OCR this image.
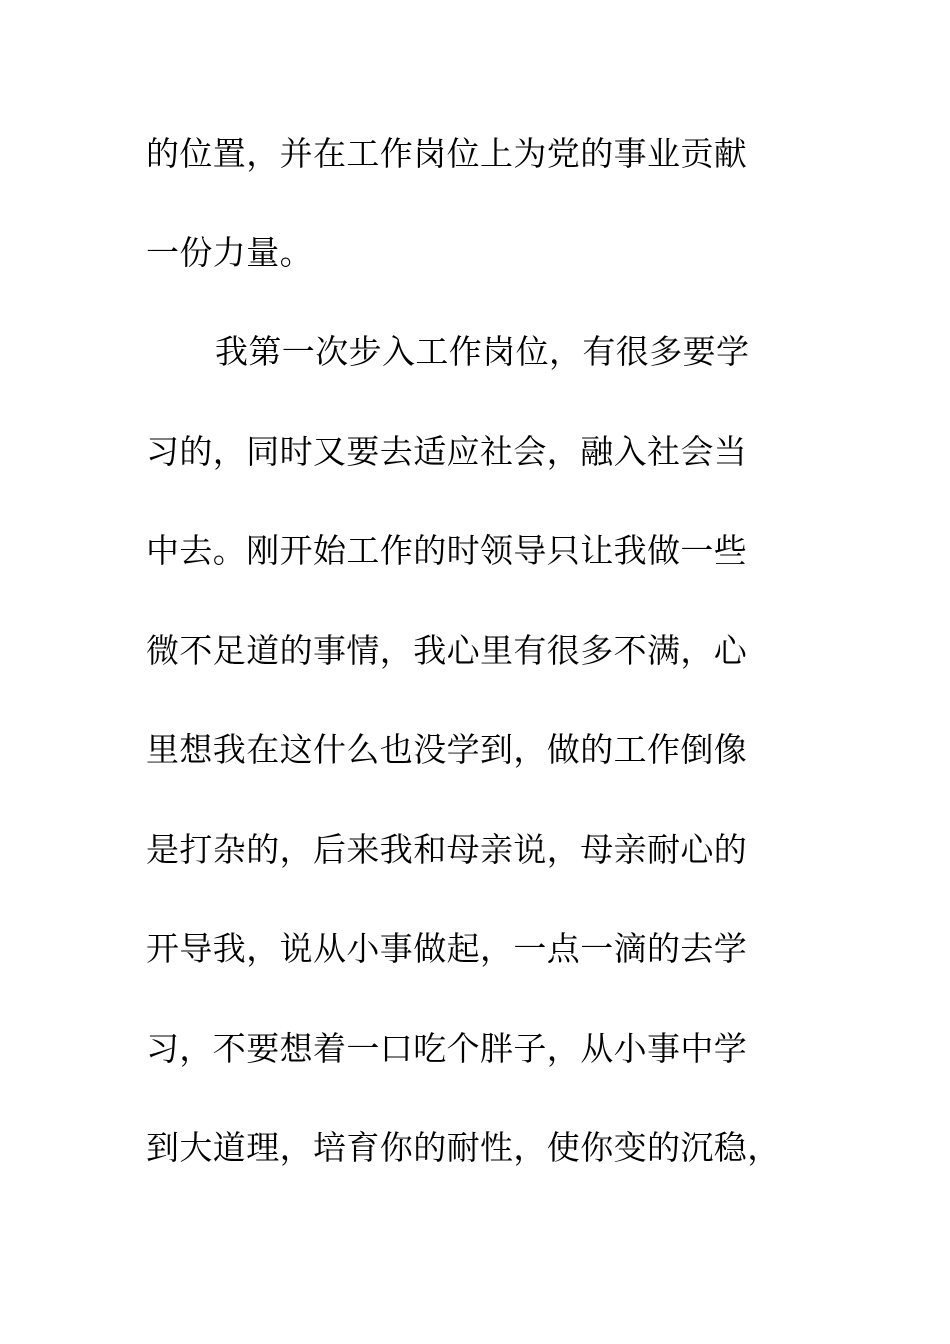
的位置，并在工作岗位上为党的事业贡献
一份力量。
我第一次步入工作岗位，有很多要学
习的，同时又要去适应社会，融入社会当
中去。刚开始工作的时领导只让我做一些
微不足道的事情，我心里有很多不满，心
里想我在这什么也没学到，做的工作倒像
是打杂的，后来我和母亲说，母亲耐心的
开导我，说从小事做起，一点一滴的去学
习，不要想着一口吃个胖子，从小事中学
到大道理，培育你的耐性，使你变的沉稳，
